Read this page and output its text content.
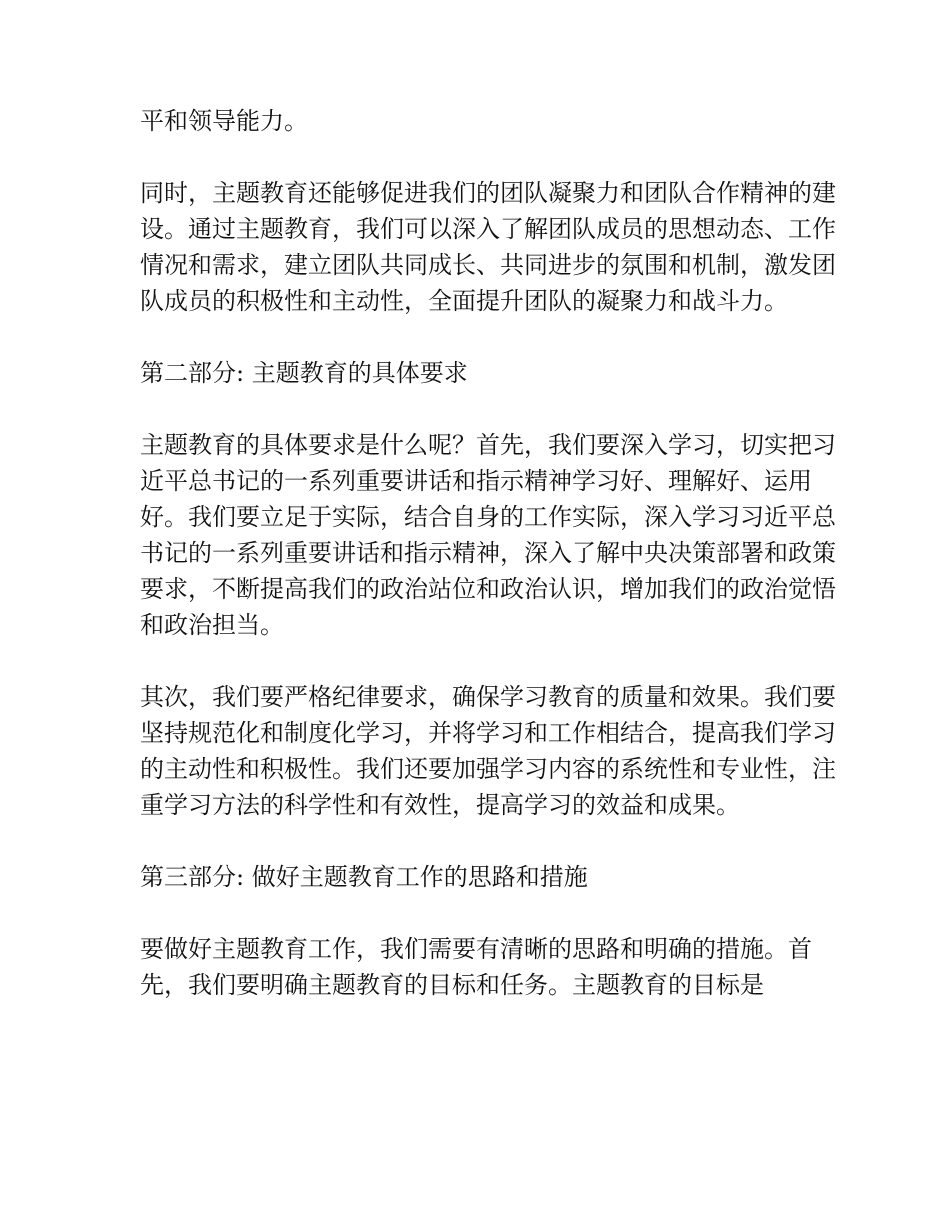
平和领导能力。

同时，主题教育还能够促进我们的团队凝聚力和团队合作精神的建设。通过主题教育，我们可以深入了解团队成员的思想动态、工作情况和需求，建立团队共同成长、共同进步的氛围和机制，激发团队成员的积极性和主动性，全面提升团队的凝聚力和战斗力。

第二部分: 主题教育的具体要求

主题教育的具体要求是什么呢？首先，我们要深入学习，切实把习近平总书记的一系列重要讲话和指示精神学习好、理解好、运用好。我们要立足于实际，结合自身的工作实际，深入学习习近平总书记的一系列重要讲话和指示精神，深入了解中央决策部署和政策要求，不断提高我们的政治站位和政治认识，增加我们的政治觉悟和政治担当。

其次，我们要严格纪律要求，确保学习教育的质量和效果。我们要坚持规范化和制度化学习，并将学习和工作相结合，提高我们学习的主动性和积极性。我们还要加强学习内容的系统性和专业性，注重学习方法的科学性和有效性，提高学习的效益和成果。

第三部分: 做好主题教育工作的思路和措施

要做好主题教育工作，我们需要有清晰的思路和明确的措施。首先，我们要明确主题教育的目标和任务。主题教育的目标是
